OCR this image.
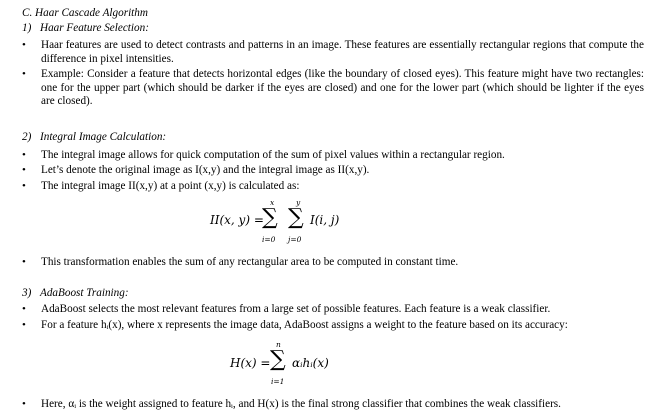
C. Haar Cascade Algorithm
1) Haar Feature Selection:
•	Haar features are used to detect contrasts and patterns in an image. These features are essentially rectangular regions that compute the difference in pixel intensities.
•	Example: Consider a feature that detects horizontal edges (like the boundary of closed eyes). This feature might have two rectangles: one for the upper part (which should be darker if the eyes are closed) and one for the lower part (which should be lighter if the eyes are closed).
2) Integral Image Calculation:
•	The integral image allows for quick computation of the sum of pixel values within a rectangular region.
•	Let’s denote the original image as I(x,y) and the integral image as II(x,y).
•	The integral image II(x,y) at a point (x,y) is calculated as:
II(x, y) =
x
∑
i=0
y
∑
j=0
I(i, j)
•	This transformation enables the sum of any rectangular area to be computed in constant time.
3) AdaBoost Training:
•	AdaBoost selects the most relevant features from a large set of possible features. Each feature is a weak classifier.
•	For a feature hᵢ(x), where x represents the image data, AdaBoost assigns a weight to the feature based on its accuracy:
H(x) =
n
∑
i=1
αᵢhᵢ(x)
•	Here, αᵢ is the weight assigned to feature hᵢ, and H(x) is the final strong classifier that combines the weak classifiers.
